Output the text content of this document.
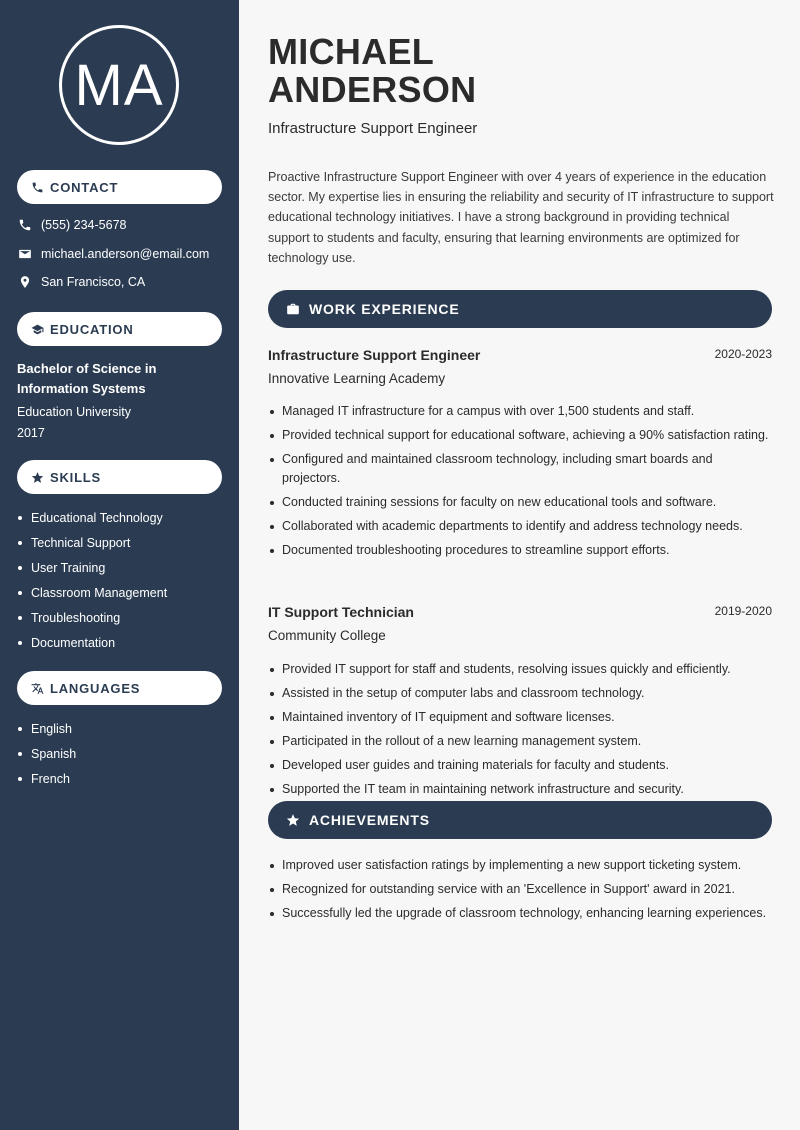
MA
CONTACT
(555) 234-5678
michael.anderson@email.com
San Francisco, CA
EDUCATION
Bachelor of Science in Information Systems
Education University
2017
SKILLS
Educational Technology
Technical Support
User Training
Classroom Management
Troubleshooting
Documentation
LANGUAGES
English
Spanish
French
MICHAEL
ANDERSON
Infrastructure Support Engineer

Proactive Infrastructure Support Engineer with over 4 years of experience in the education sector. My expertise lies in ensuring the reliability and security of IT infrastructure to support educational technology initiatives. I have a strong background in providing technical support to students and faculty, ensuring that learning environments are optimized for technology use.

WORK EXPERIENCE
Infrastructure Support Engineer	2020-2023
Innovative Learning Academy
Managed IT infrastructure for a campus with over 1,500 students and staff.
Provided technical support for educational software, achieving a 90% satisfaction rating.
Configured and maintained classroom technology, including smart boards and projectors.
Conducted training sessions for faculty on new educational tools and software.
Collaborated with academic departments to identify and address technology needs.
Documented troubleshooting procedures to streamline support efforts.
IT Support Technician	2019-2020
Community College
Provided IT support for staff and students, resolving issues quickly and efficiently.
Assisted in the setup of computer labs and classroom technology.
Maintained inventory of IT equipment and software licenses.
Participated in the rollout of a new learning management system.
Developed user guides and training materials for faculty and students.
Supported the IT team in maintaining network infrastructure and security.
ACHIEVEMENTS
Improved user satisfaction ratings by implementing a new support ticketing system.
Recognized for outstanding service with an 'Excellence in Support' award in 2021.
Successfully led the upgrade of classroom technology, enhancing learning experiences.
